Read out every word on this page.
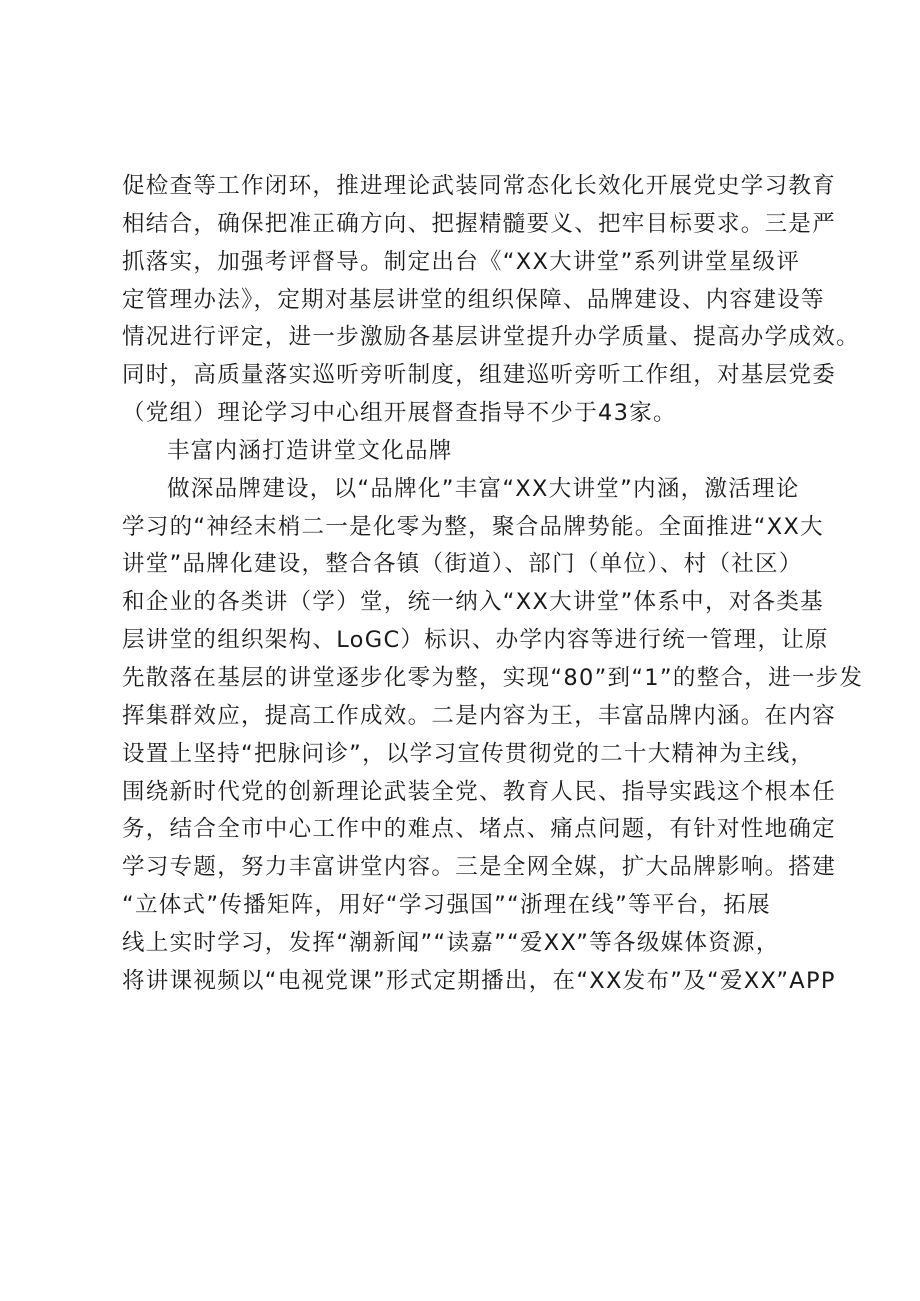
促检查等工作闭环，推进理论武装同常态化长效化开展党史学习教育
相结合，确保把准正确方向、把握精髓要义、把牢目标要求。三是严
抓落实，加强考评督导。制定出台《“XX大讲堂”系列讲堂星级评
定管理办法》，定期对基层讲堂的组织保障、品牌建设、内容建设等
情况进行评定，进一步激励各基层讲堂提升办学质量、提高办学成效。
同时，高质量落实巡听旁听制度，组建巡听旁听工作组，对基层党委
（党组）理论学习中心组开展督查指导不少于43家。
丰富内涵打造讲堂文化品牌
做深品牌建设，以“品牌化”丰富“XX大讲堂”内涵，激活理论
学习的“神经末梢二一是化零为整，聚合品牌势能。全面推进“XX大
讲堂”品牌化建设，整合各镇（街道）、部门（单位）、村（社区）
和企业的各类讲（学）堂，统一纳入“XX大讲堂”体系中，对各类基
层讲堂的组织架构、LoGC）标识、办学内容等进行统一管理，让原
先散落在基层的讲堂逐步化零为整，实现“80”到“1”的整合，进一步发
挥集群效应，提高工作成效。二是内容为王，丰富品牌内涵。在内容
设置上坚持“把脉问诊”，以学习宣传贯彻党的二十大精神为主线，
围绕新时代党的创新理论武装全党、教育人民、指导实践这个根本任
务，结合全市中心工作中的难点、堵点、痛点问题，有针对性地确定
学习专题，努力丰富讲堂内容。三是全网全媒，扩大品牌影响。搭建
“立体式”传播矩阵，用好“学习强国”“浙理在线”等平台，拓展
线上实时学习，发挥“潮新闻”“读嘉”“爱XX”等各级媒体资源，
将讲课视频以“电视党课”形式定期播出，在“XX发布”及“爱XX”APP
